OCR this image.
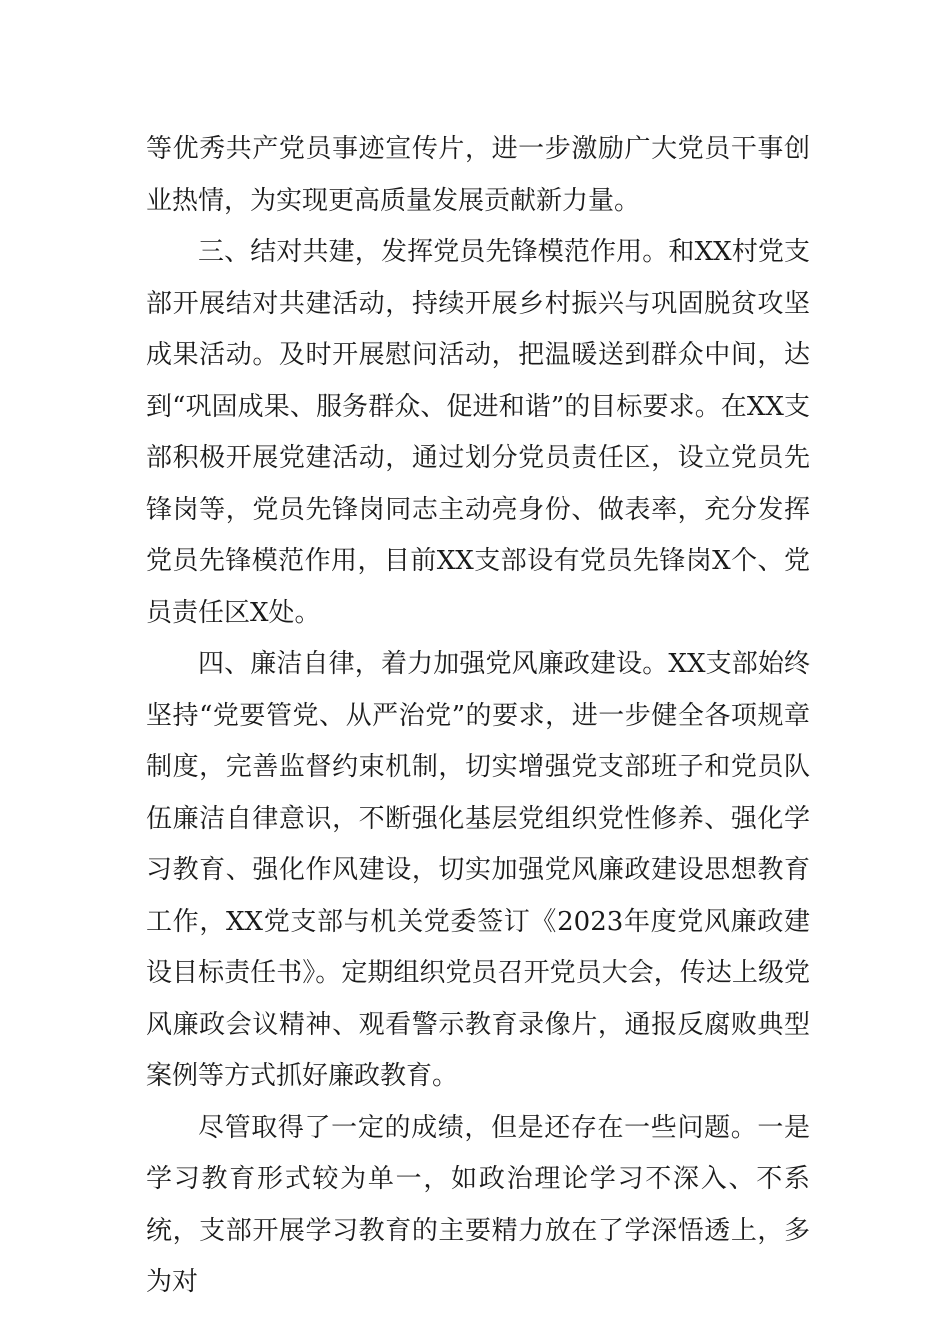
等优秀共产党员事迹宣传片，进一步激励广大党员干事创业热情，为实现更高质量发展贡献新力量。

三、结对共建，发挥党员先锋模范作用。和XX村党支部开展结对共建活动，持续开展乡村振兴与巩固脱贫攻坚成果活动。及时开展慰问活动，把温暖送到群众中间，达到“巩固成果、服务群众、促进和谐”的目标要求。在XX支部积极开展党建活动，通过划分党员责任区，设立党员先锋岗等，党员先锋岗同志主动亮身份、做表率，充分发挥党员先锋模范作用，目前XX支部设有党员先锋岗X个、党员责任区X处。

四、廉洁自律，着力加强党风廉政建设。XX支部始终坚持“党要管党、从严治党”的要求，进一步健全各项规章制度，完善监督约束机制，切实增强党支部班子和党员队伍廉洁自律意识，不断强化基层党组织党性修养、强化学习教育、强化作风建设，切实加强党风廉政建设思想教育工作，XX党支部与机关党委签订《2023年度党风廉政建设目标责任书》。定期组织党员召开党员大会，传达上级党风廉政会议精神、观看警示教育录像片，通报反腐败典型案例等方式抓好廉政教育。

尽管取得了一定的成绩，但是还存在一些问题。一是学习教育形式较为单一，如政治理论学习不深入、不系统，支部开展学习教育的主要精力放在了学深悟透上，多为对
